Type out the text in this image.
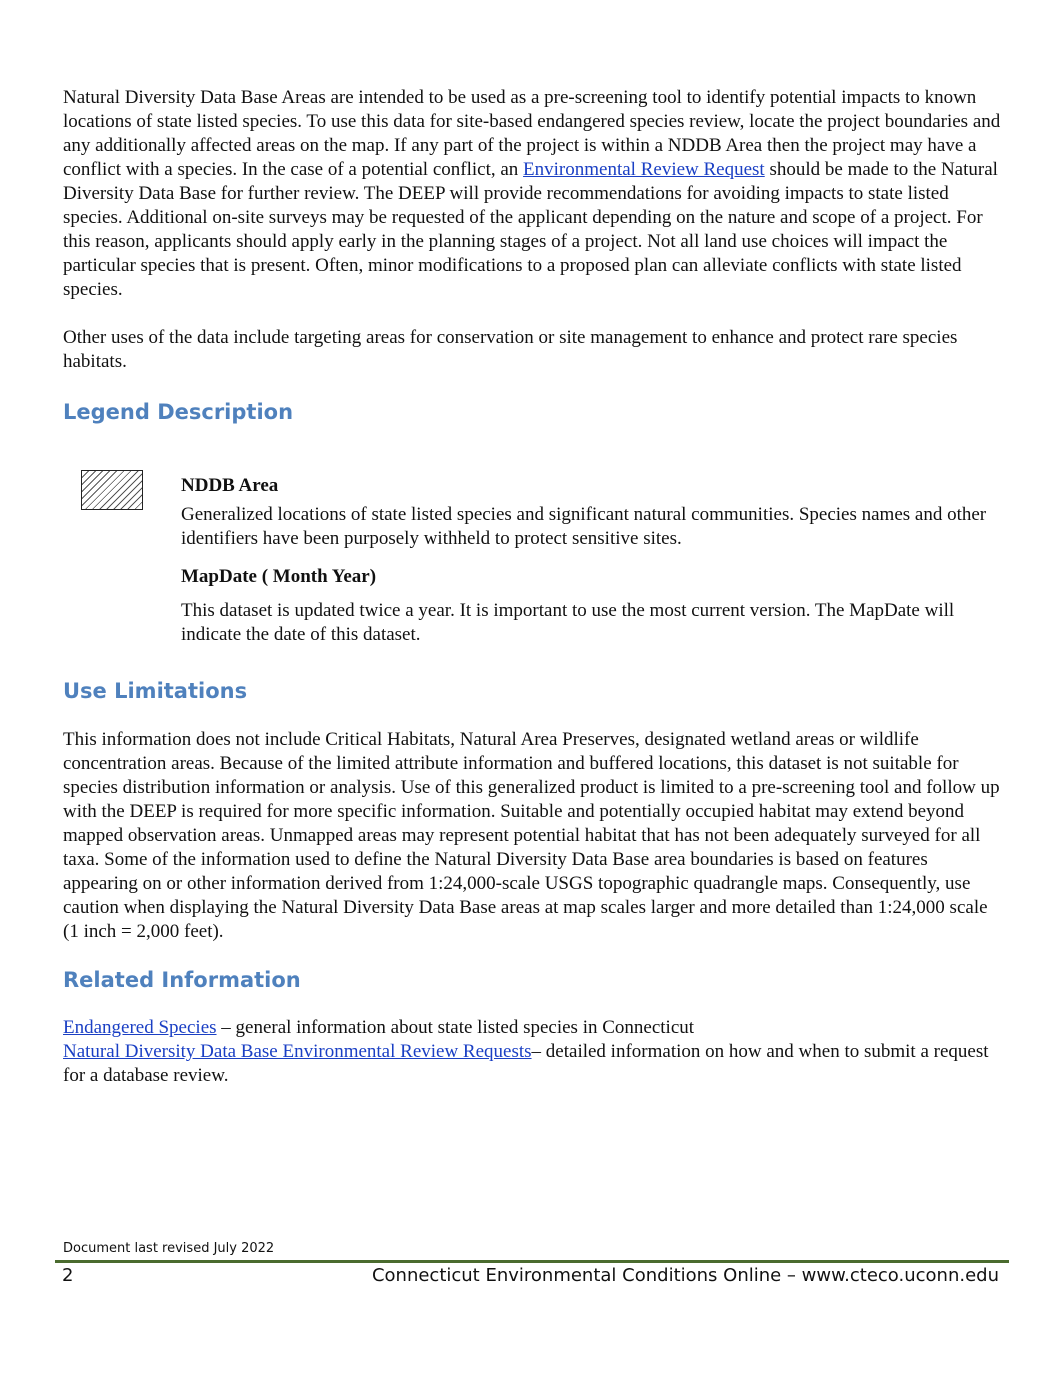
Natural Diversity Data Base Areas are intended to be used as a pre-screening tool to identify potential impacts to known locations of state listed species. To use this data for site-based endangered species review, locate the project boundaries and any additionally affected areas on the map. If any part of the project is within a NDDB Area then the project may have a conflict with a species. In the case of a potential conflict, an Environmental Review Request should be made to the Natural Diversity Data Base for further review. The DEEP will provide recommendations for avoiding impacts to state listed species. Additional on-site surveys may be requested of the applicant depending on the nature and scope of a project. For this reason, applicants should apply early in the planning stages of a project. Not all land use choices will impact the particular species that is present. Often, minor modifications to a proposed plan can alleviate conflicts with state listed species.

Other uses of the data include targeting areas for conservation or site management to enhance and protect rare species habitats.

Legend Description
NDDB Area

Generalized locations of state listed species and significant natural communities. Species names and other identifiers have been purposely withheld to protect sensitive sites.

MapDate ( Month Year)

This dataset is updated twice a year. It is important to use the most current version. The MapDate will indicate the date of this dataset.

Use Limitations

This information does not include Critical Habitats, Natural Area Preserves, designated wetland areas or wildlife concentration areas. Because of the limited attribute information and buffered locations, this dataset is not suitable for species distribution information or analysis. Use of this generalized product is limited to a pre-screening tool and follow up with the DEEP is required for more specific information. Suitable and potentially occupied habitat may extend beyond mapped observation areas. Unmapped areas may represent potential habitat that has not been adequately surveyed for all taxa. Some of the information used to define the Natural Diversity Data Base area boundaries is based on features appearing on or other information derived from 1:24,000-scale USGS topographic quadrangle maps. Consequently, use caution when displaying the Natural Diversity Data Base areas at map scales larger and more detailed than 1:24,000 scale (1 inch = 2,000 feet).

Related Information

Endangered Species – general information about state listed species in Connecticut
Natural Diversity Data Base Environmental Review Requests– detailed information on how and when to submit a request for a database review.

Document last revised July 2022
2	Connecticut Environmental Conditions Online – www.cteco.uconn.edu
